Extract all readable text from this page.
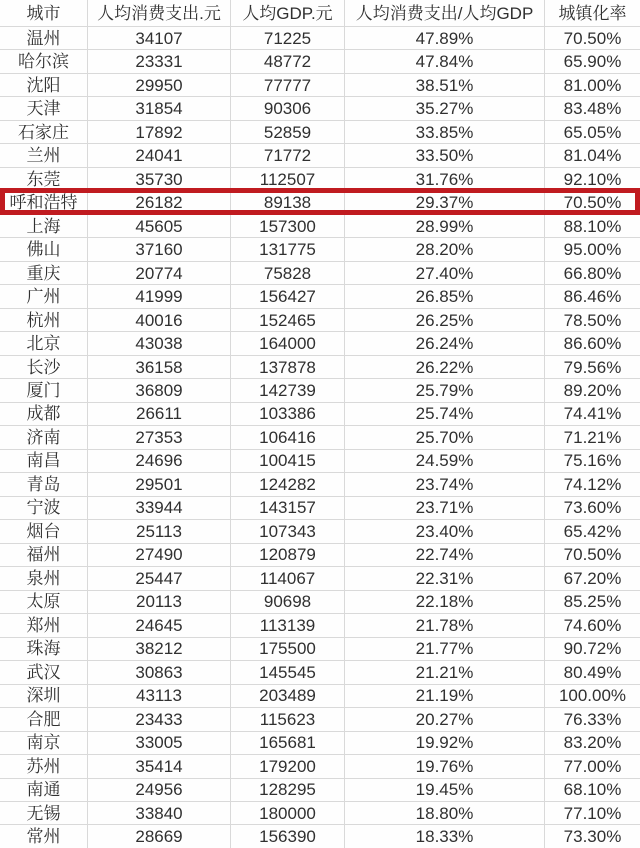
城市	人均消费支出.元	人均GDP.元	人均消费支出/人均GDP	城镇化率
温州	34107	71225	47.89%	70.50%
哈尔滨	23331	48772	47.84%	65.90%
沈阳	29950	77777	38.51%	81.00%
天津	31854	90306	35.27%	83.48%
石家庄	17892	52859	33.85%	65.05%
兰州	24041	71772	33.50%	81.04%
东莞	35730	112507	31.76%	92.10%
呼和浩特	26182	89138	29.37%	70.50%
上海	45605	157300	28.99%	88.10%
佛山	37160	131775	28.20%	95.00%
重庆	20774	75828	27.40%	66.80%
广州	41999	156427	26.85%	86.46%
杭州	40016	152465	26.25%	78.50%
北京	43038	164000	26.24%	86.60%
长沙	36158	137878	26.22%	79.56%
厦门	36809	142739	25.79%	89.20%
成都	26611	103386	25.74%	74.41%
济南	27353	106416	25.70%	71.21%
南昌	24696	100415	24.59%	75.16%
青岛	29501	124282	23.74%	74.12%
宁波	33944	143157	23.71%	73.60%
烟台	25113	107343	23.40%	65.42%
福州	27490	120879	22.74%	70.50%
泉州	25447	114067	22.31%	67.20%
太原	20113	90698	22.18%	85.25%
郑州	24645	113139	21.78%	74.60%
珠海	38212	175500	21.77%	90.72%
武汉	30863	145545	21.21%	80.49%
深圳	43113	203489	21.19%	100.00%
合肥	23433	115623	20.27%	76.33%
南京	33005	165681	19.92%	83.20%
苏州	35414	179200	19.76%	77.00%
南通	24956	128295	19.45%	68.10%
无锡	33840	180000	18.80%	77.10%
常州	28669	156390	18.33%	73.30%
